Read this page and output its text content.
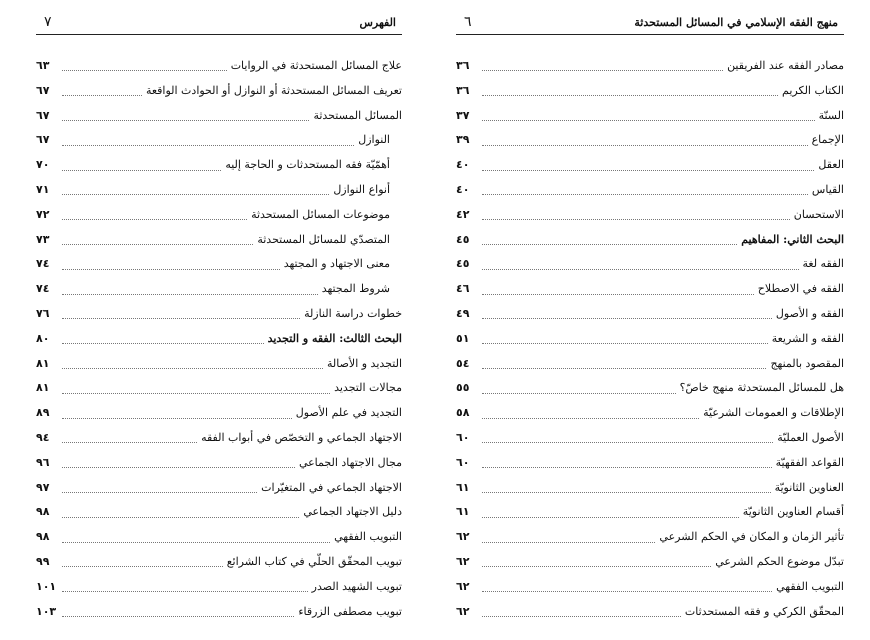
الفهرس
٧
علاج المسائل المستحدثة في الروايات
٦٣
تعريف المسائل المستحدثة أو النوازل أو الحوادث الواقعة
٦٧
المسائل المستحدثة
٦٧
النوازل
٦٧
أهمّيّة فقه المستحدثات و الحاجة إليه
٧٠
أنواع النوازل
٧١
موضوعات المسائل المستحدثة
٧٢
المتصدّي للمسائل المستحدثة
٧٣
معنى الاجتهاد و المجتهد
٧٤
شروط المجتهد
٧٤
خطوات دراسة النازلة
٧٦
البحث الثالث: الفقه و التجديد
٨٠
التجديد و الأصالة
٨١
مجالات التجديد
٨١
التجديد في علم الأصول
٨٩
الاجتهاد الجماعي و التخصّص في أبواب الفقه
٩٤
مجال الاجتهاد الجماعي
٩٦
الاجتهاد الجماعي في المتغيّرات
٩٧
دليل الاجتهاد الجماعي
٩٨
التبويب الفقهي
٩٨
تبويب المحقّق الحلّي في كتاب الشرائع
٩٩
تبويب الشهيد الصدر
١٠١
تبويب مصطفى الزرقاء
١٠٣
منهج الفقه الإسلامي في المسائل المستحدثة
٦
مصادر الفقه عند الفريقين
٣٦
الكتاب الكريم
٣٦
السنّة
٣٧
الإجماع
٣٩
العقل
٤٠
القياس
٤٠
الاستحسان
٤٢
البحث الثاني: المفاهيم
٤٥
الفقه لغة
٤٥
الفقه في الاصطلاح
٤٦
الفقه و الأصول
٤٩
الفقه و الشريعة
٥١
المقصود بالمنهج
٥٤
هل للمسائل المستحدثة منهج خاصّ؟
٥٥
الإطلاقات و العمومات الشرعيّة
٥٨
الأصول العمليّة
٦٠
القواعد الفقهيّة
٦٠
العناوين الثانويّة
٦١
أقسام العناوين الثانويّة
٦١
تأثير الزمان و المكان في الحكم الشرعي
٦٢
تبدّل موضوع الحكم الشرعي
٦٢
التبويب الفقهي
٦٢
المحقّق الكركي و فقه المستحدثات
٦٢
